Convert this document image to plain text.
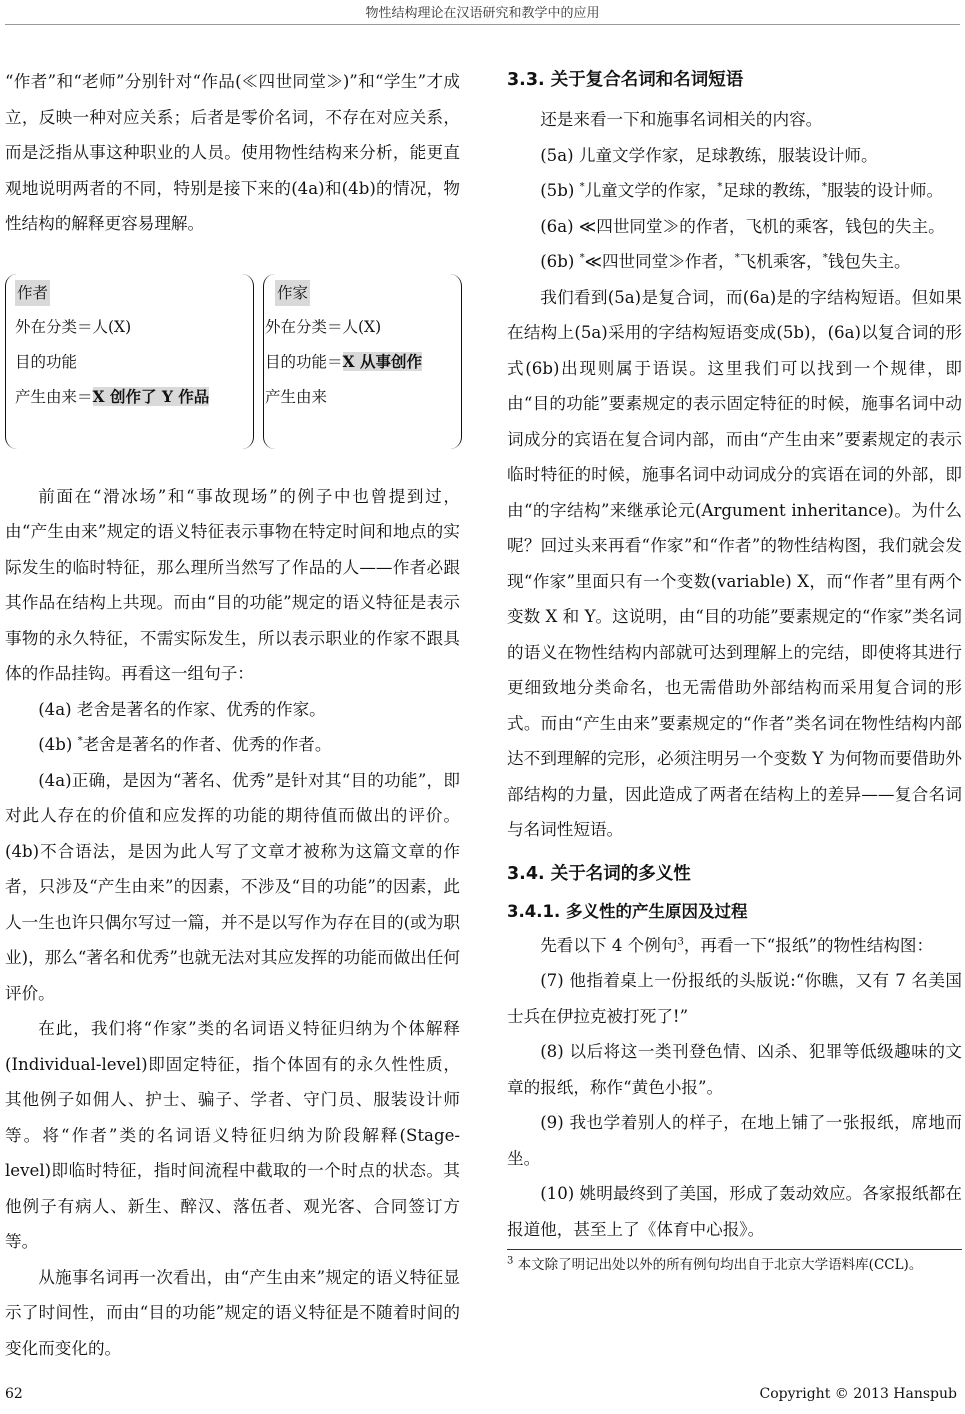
物性结构理论在汉语研究和教学中的应用

“作者”和“老师”分别针对“作品(≪四世同堂≫)”和“学生”才成立，反映一种对应关系；后者是零价名词，不存在对应关系，而是泛指从事这种职业的人员。使用物性结构来分析，能更直观地说明两者的不同，特别是接下来的(4a)和(4b)的情况，物性结构的解释更容易理解。

作者
外在分类＝人(X)
目的功能
产生由来＝X 创作了 Y 作品
作家
外在分类＝人(X)
目的功能＝X 从事创作
产生由来

前面在“滑冰场”和“事故现场”的例子中也曾提到过，由“产生由来”规定的语义特征表示事物在特定时间和地点的实际发生的临时特征，那么理所当然写了作品的人——作者必跟其作品在结构上共现。而由“目的功能”规定的语义特征是表示事物的永久特征，不需实际发生，所以表示职业的作家不跟具体的作品挂钩。再看这一组句子：

(4a) 老舍是著名的作家、优秀的作家。

(4b) *老舍是著名的作者、优秀的作者。

(4a)正确，是因为“著名、优秀”是针对其“目的功能”，即对此人存在的价值和应发挥的功能的期待值而做出的评价。(4b)不合语法，是因为此人写了文章才被称为这篇文章的作者，只涉及“产生由来”的因素，不涉及“目的功能”的因素，此人一生也许只偶尔写过一篇，并不是以写作为存在目的(或为职业)，那么“著名和优秀”也就无法对其应发挥的功能而做出任何评价。

在此，我们将“作家”类的名词语义特征归纳为个体解释(Individual-level)即固定特征，指个体固有的永久性性质，其他例子如佣人、护士、骗子、学者、守门员、服装设计师等。将“作者”类的名词语义特征归纳为阶段解释(Stage-level)即临时特征，指时间流程中截取的一个时点的状态。其他例子有病人、新生、醉汉、落伍者、观光客、合同签订方等。

从施事名词再一次看出，由“产生由来”规定的语义特征显示了时间性，而由“目的功能”规定的语义特征是不随着时间的变化而变化的。

3.3. 关于复合名词和名词短语

还是来看一下和施事名词相关的内容。

(5a) 儿童文学作家，足球教练，服装设计师。

(5b) *儿童文学的作家，*足球的教练，*服装的设计师。

(6a) ≪四世同堂≫的作者，飞机的乘客，钱包的失主。

(6b) *≪四世同堂≫作者，*飞机乘客，*钱包失主。

我们看到(5a)是复合词，而(6a)是的字结构短语。但如果在结构上(5a)采用的字结构短语变成(5b)，(6a)以复合词的形式(6b)出现则属于语误。这里我们可以找到一个规律，即由“目的功能”要素规定的表示固定特征的时候，施事名词中动词成分的宾语在复合词内部，而由“产生由来”要素规定的表示临时特征的时候，施事名词中动词成分的宾语在词的外部，即由“的字结构”来继承论元(Argument inheritance)。为什么呢？回过头来再看“作家”和“作者”的物性结构图，我们就会发现“作家”里面只有一个变数(variable) X，而“作者”里有两个变数 X 和 Y。这说明，由“目的功能”要素规定的“作家”类名词的语义在物性结构内部就可达到理解上的完结，即使将其进行更细致地分类命名，也无需借助外部结构而采用复合词的形式。而由“产生由来”要素规定的“作者”类名词在物性结构内部达不到理解的完形，必须注明另一个变数 Y 为何物而要借助外部结构的力量，因此造成了两者在结构上的差异——复合名词与名词性短语。

3.4. 关于名词的多义性
3.4.1. 多义性的产生原因及过程

先看以下 4 个例句$^3$，再看一下“报纸”的物性结构图：

(7) 他指着桌上一份报纸的头版说:“你瞧，又有 7 名美国士兵在伊拉克被打死了!”

(8) 以后将这一类刊登色情、凶杀、犯罪等低级趣味的文章的报纸，称作“黄色小报”。

(9) 我也学着别人的样子，在地上铺了一张报纸，席地而坐。

(10) 姚明最终到了美国，形成了轰动效应。各家报纸都在报道他，甚至上了《体育中心报》。

$^3$ 本文除了明记出处以外的所有例句均出自于北京大学语料库(CCL)。
62	Copyright © 2013 Hanspub
